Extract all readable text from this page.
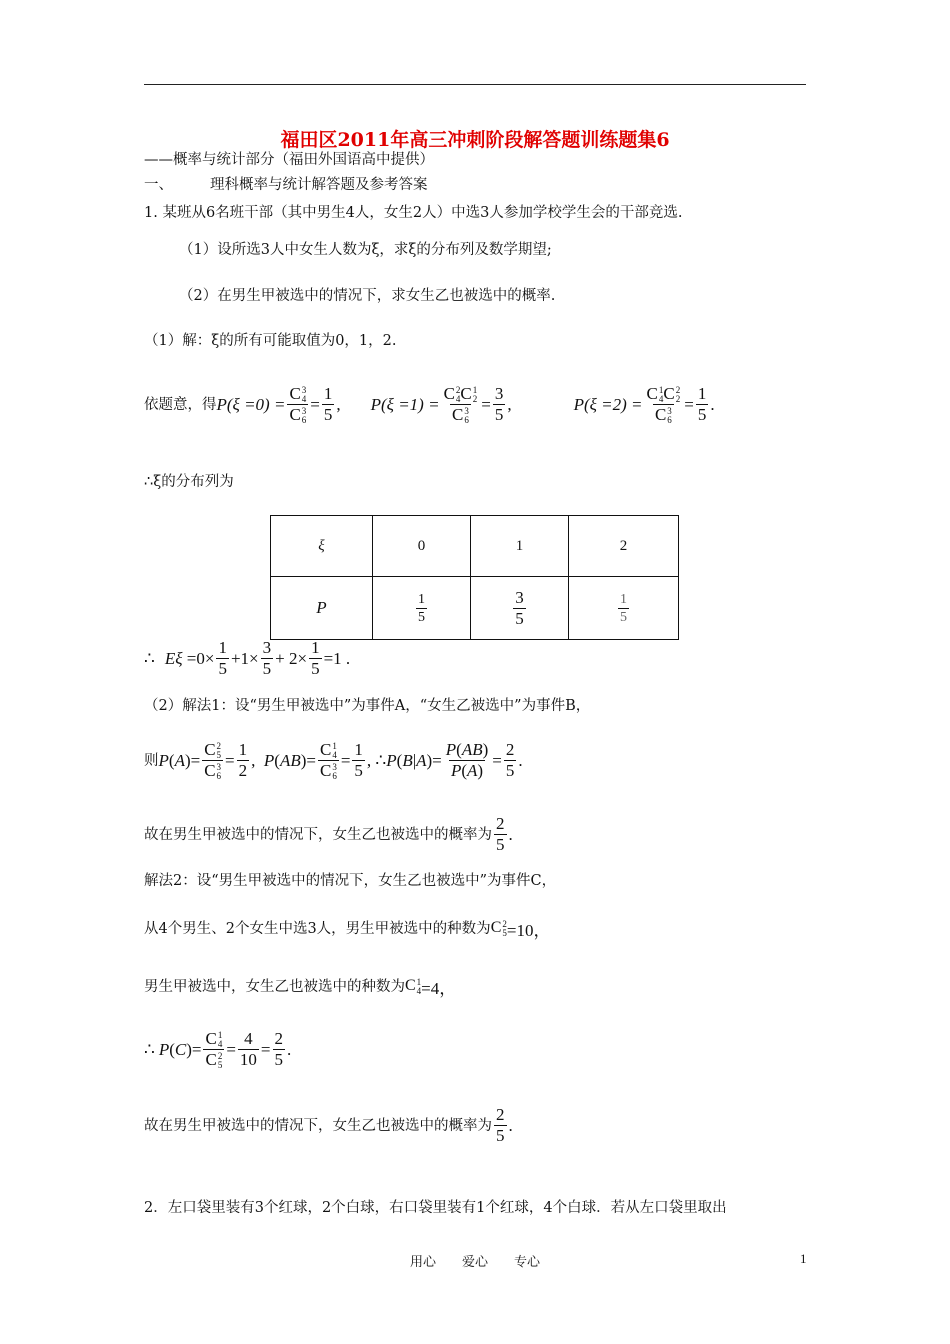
福田区2011年高三冲刺阶段解答题训练题集6
——概率与统计部分（福田外国语高中提供）
一、	理科概率与统计解答题及参考答案
1. 某班从6名班干部（其中男生4人，女生2人）中选3人参加学校学生会的干部竞选.
（1）设所选3人中女生人数为ξ，求ξ的分布列及数学期望;
（2）在男生甲被选中的情况下，求女生乙也被选中的概率.
（1）解：ξ的所有可能取值为0，1，2.
依题意，得 P(ξ =0) = C 3
4
C 3
$6 = \frac{1}{5}$ , P(ξ =1) = C 2
4 C 1
2
C 3
$6 = \frac{3}{5}$ ,	P(ξ =2) = C 1
4 C 2
2
C 3
$6 = \frac{1}{5}$ .
∴ξ的分布列为
ξ	0	1	2
P	$\frac{1}{5}$	$\frac{3}{5}$	$\frac{1}{5}$
∴ $E\xi =0\times \frac{1}{5} +1\times \frac{3}{5} + 2\times \frac{1}{5} =1$ .
（2）解法1：设“男生甲被选中”为事件A，“女生乙被选中”为事件B，
则 P ( A )= C 2
5
C 3
$6 = \frac{1}{2}$ , P ( AB )= C 1
4
C 3
$6 = \frac{1}{5}$ , ∴ P ( B | A )= $\frac{P(AB)}{P(A)} = \frac{2}{5}$ .
故在男生甲被选中的情况下，女生乙也被选中的概率为 $\frac{2}{5}$ .
解法2：设“男生甲被选中的情况下，女生乙也被选中”为事件C，
从4个男生、2个女生中选3人，男生甲被选中的种数为 C 2
5 =10，
男生甲被选中，女生乙也被选中的种数为 C 1
4 =4，
∴ P ( C )= C 1
4
C 2
$5 = \frac{4}{10} = \frac{2}{5}$ .
故在男生甲被选中的情况下，女生乙也被选中的概率为 $\frac{2}{5}$ .
2．左口袋里装有3个红球，2个白球，右口袋里装有1个红球，4个白球．若从左口袋里取出
用心　　爱心　　专心	1
